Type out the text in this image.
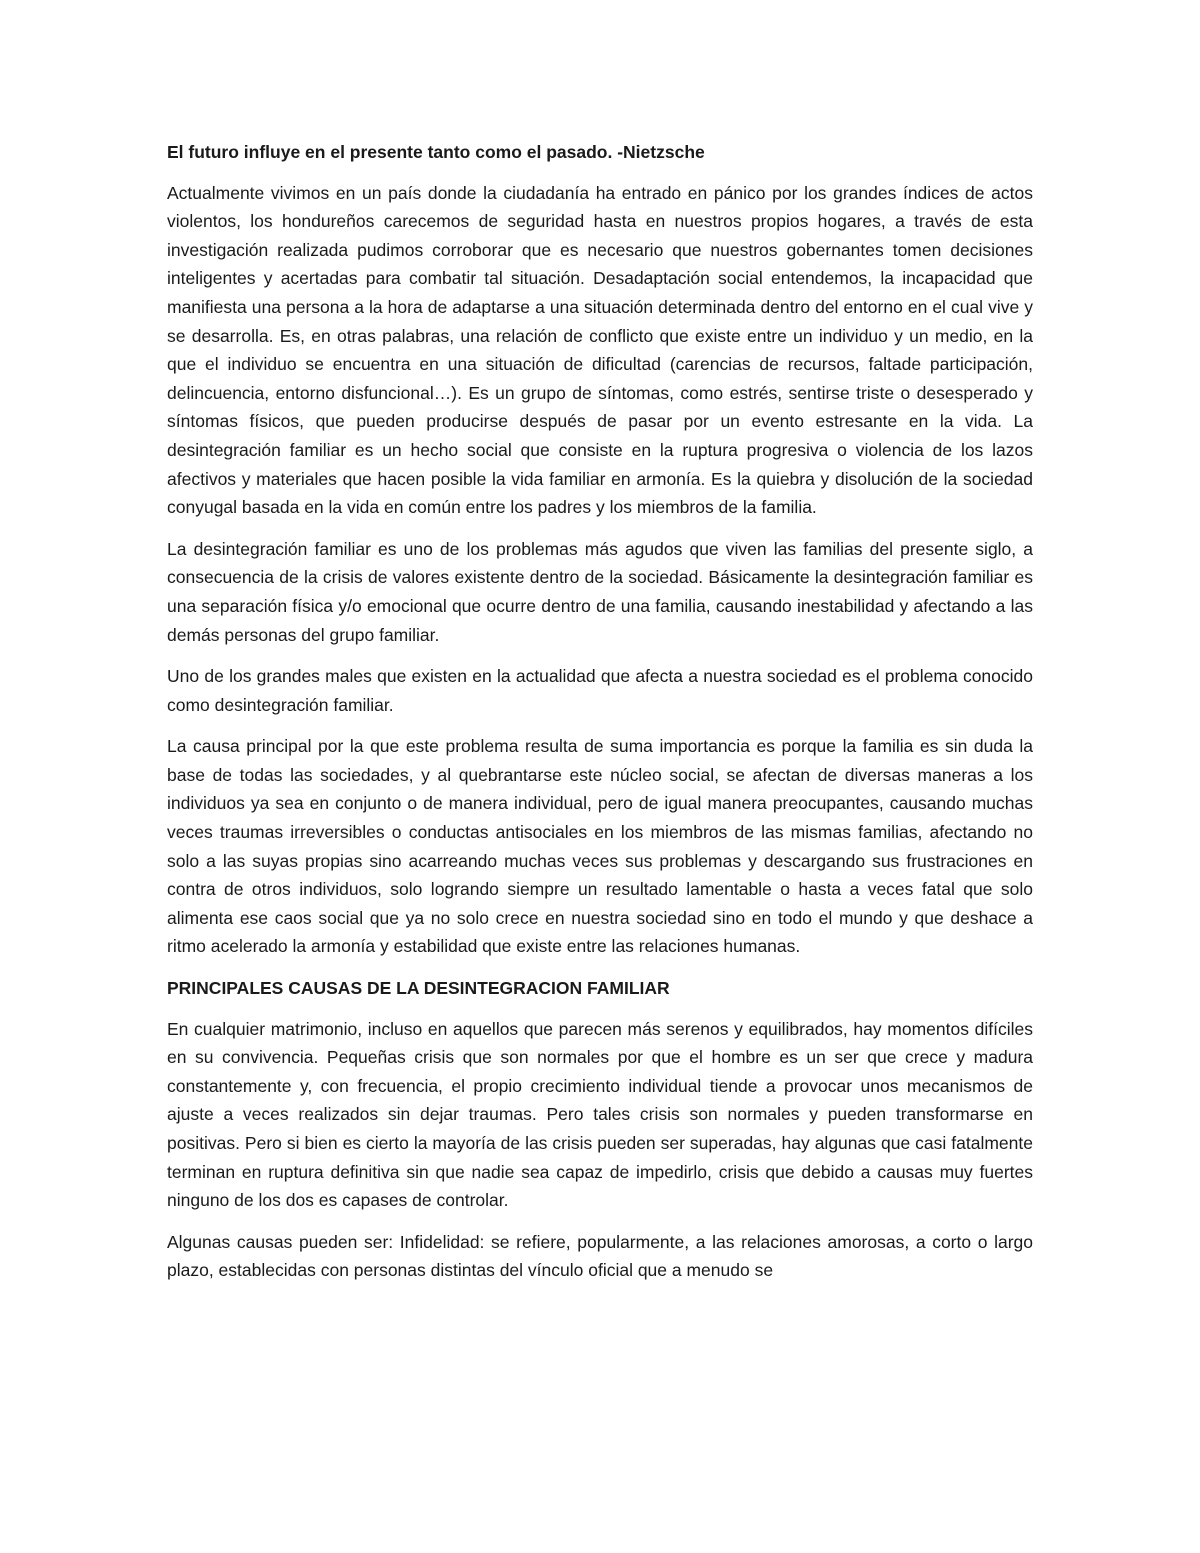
El futuro influye en el presente tanto como el pasado. -Nietzsche

Actualmente vivimos en un país donde la ciudadanía ha entrado en pánico por los grandes índices de actos violentos, los hondureños carecemos de seguridad hasta en nuestros propios hogares, a través de esta investigación realizada pudimos corroborar que es necesario que nuestros gobernantes tomen decisiones inteligentes y acertadas para combatir tal situación. Desadaptación social entendemos, la incapacidad que manifiesta una persona a la hora de adaptarse a una situación determinada dentro del entorno en el cual vive y se desarrolla. Es, en otras palabras, una relación de conflicto que existe entre un individuo y un medio, en la que el individuo se encuentra en una situación de dificultad (carencias de recursos, faltade participación, delincuencia, entorno disfuncional…). Es un grupo de síntomas, como estrés, sentirse triste o desesperado y síntomas físicos, que pueden producirse después de pasar por un evento estresante en la vida. La desintegración familiar es un hecho social que consiste en la ruptura progresiva o violencia de los lazos afectivos y materiales que hacen posible la vida familiar en armonía. Es la quiebra y disolución de la sociedad conyugal basada en la vida en común entre los padres y los miembros de la familia.

La desintegración familiar es uno de los problemas más agudos que viven las familias del presente siglo, a consecuencia de la crisis de valores existente dentro de la sociedad. Básicamente la desintegración familiar es una separación física y/o emocional que ocurre dentro de una familia, causando inestabilidad y afectando a las demás personas del grupo familiar.

Uno de los grandes males que existen en la actualidad que afecta a nuestra sociedad es el problema conocido como desintegración familiar.

La causa principal por la que este problema resulta de suma importancia es porque la familia es sin duda la base de todas las sociedades, y al quebrantarse este núcleo social, se afectan de diversas maneras a los individuos ya sea en conjunto o de manera individual, pero de igual manera preocupantes, causando muchas veces traumas irreversibles o conductas antisociales en los miembros de las mismas familias, afectando no solo a las suyas propias sino acarreando muchas veces sus problemas y descargando sus frustraciones en contra de otros individuos, solo logrando siempre un resultado lamentable o hasta a veces fatal que solo alimenta ese caos social que ya no solo crece en nuestra sociedad sino en todo el mundo y que deshace a ritmo acelerado la armonía y estabilidad que existe entre las relaciones humanas.

PRINCIPALES CAUSAS DE LA DESINTEGRACION FAMILIAR

En cualquier matrimonio, incluso en aquellos que parecen más serenos y equilibrados, hay momentos difíciles en su convivencia. Pequeñas crisis que son normales por que el hombre es un ser que crece y madura constantemente y, con frecuencia, el propio crecimiento individual tiende a provocar unos mecanismos de ajuste a veces realizados sin dejar traumas. Pero tales crisis son normales y pueden transformarse en positivas. Pero si bien es cierto la mayoría de las crisis pueden ser superadas, hay algunas que casi fatalmente terminan en ruptura definitiva sin que nadie sea capaz de impedirlo, crisis que debido a causas muy fuertes ninguno de los dos es capases de controlar.

Algunas causas pueden ser: Infidelidad: se refiere, popularmente, a las relaciones amorosas, a corto o largo plazo, establecidas con personas distintas del vínculo oficial que a menudo se
